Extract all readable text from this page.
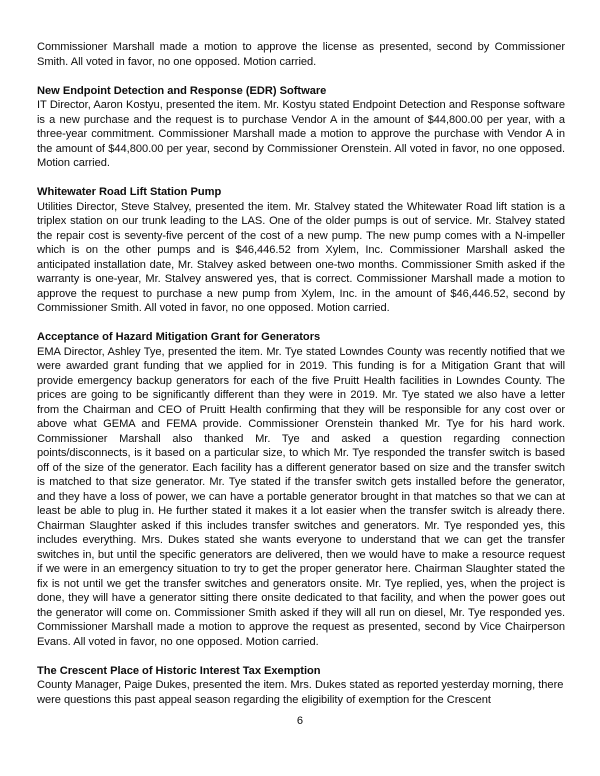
Commissioner Marshall made a motion to approve the license as presented, second by Commissioner Smith. All voted in favor, no one opposed. Motion carried.

New Endpoint Detection and Response (EDR) Software

IT Director, Aaron Kostyu, presented the item. Mr. Kostyu stated Endpoint Detection and Response software is a new purchase and the request is to purchase Vendor A in the amount of $44,800.00 per year, with a three-year commitment. Commissioner Marshall made a motion to approve the purchase with Vendor A in the amount of $44,800.00 per year, second by Commissioner Orenstein. All voted in favor, no one opposed. Motion carried.

Whitewater Road Lift Station Pump

Utilities Director, Steve Stalvey, presented the item. Mr. Stalvey stated the Whitewater Road lift station is a triplex station on our trunk leading to the LAS. One of the older pumps is out of service. Mr. Stalvey stated the repair cost is seventy-five percent of the cost of a new pump. The new pump comes with a N-impeller which is on the other pumps and is $46,446.52 from Xylem, Inc. Commissioner Marshall asked the anticipated installation date, Mr. Stalvey asked between one-two months. Commissioner Smith asked if the warranty is one-year, Mr. Stalvey answered yes, that is correct. Commissioner Marshall made a motion to approve the request to purchase a new pump from Xylem, Inc. in the amount of $46,446.52, second by Commissioner Smith. All voted in favor, no one opposed. Motion carried.

Acceptance of Hazard Mitigation Grant for Generators

EMA Director, Ashley Tye, presented the item. Mr. Tye stated Lowndes County was recently notified that we were awarded grant funding that we applied for in 2019. This funding is for a Mitigation Grant that will provide emergency backup generators for each of the five Pruitt Health facilities in Lowndes County. The prices are going to be significantly different than they were in 2019. Mr. Tye stated we also have a letter from the Chairman and CEO of Pruitt Health confirming that they will be responsible for any cost over or above what GEMA and FEMA provide. Commissioner Orenstein thanked Mr. Tye for his hard work. Commissioner Marshall also thanked Mr. Tye and asked a question regarding connection points/disconnects, is it based on a particular size, to which Mr. Tye responded the transfer switch is based off of the size of the generator. Each facility has a different generator based on size and the transfer switch is matched to that size generator. Mr. Tye stated if the transfer switch gets installed before the generator, and they have a loss of power, we can have a portable generator brought in that matches so that we can at least be able to plug in. He further stated it makes it a lot easier when the transfer switch is already there. Chairman Slaughter asked if this includes transfer switches and generators. Mr. Tye responded yes, this includes everything. Mrs. Dukes stated she wants everyone to understand that we can get the transfer switches in, but until the specific generators are delivered, then we would have to make a resource request if we were in an emergency situation to try to get the proper generator here. Chairman Slaughter stated the fix is not until we get the transfer switches and generators onsite. Mr. Tye replied, yes, when the project is done, they will have a generator sitting there onsite dedicated to that facility, and when the power goes out the generator will come on. Commissioner Smith asked if they will all run on diesel, Mr. Tye responded yes. Commissioner Marshall made a motion to approve the request as presented, second by Vice Chairperson Evans. All voted in favor, no one opposed. Motion carried.

The Crescent Place of Historic Interest Tax Exemption

County Manager, Paige Dukes, presented the item. Mrs. Dukes stated as reported yesterday morning, there were questions this past appeal season regarding the eligibility of exemption for the Crescent

6
